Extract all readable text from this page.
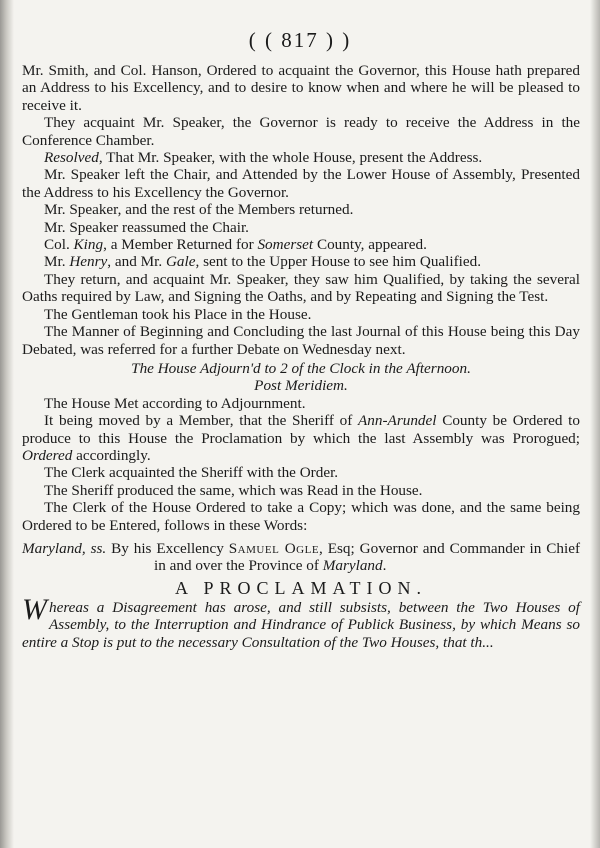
( ( 817 ) )

Mr. Smith, and Col. Hanson, Ordered to acquaint the Governor, this House hath prepared an Address to his Excellency, and to desire to know when and where he will be pleased to receive it.

They acquaint Mr. Speaker, the Governor is ready to receive the Address in the Conference Chamber.

Resolved, That Mr. Speaker, with the whole House, present the Address.

Mr. Speaker left the Chair, and Attended by the Lower House of Assembly, Presented the Address to his Excellency the Governor.

Mr. Speaker, and the rest of the Members returned.

Mr. Speaker reassumed the Chair.

Col. King, a Member Returned for Somerset County, appeared.

Mr. Henry, and Mr. Gale, sent to the Upper House to see him Qualified.

They return, and acquaint Mr. Speaker, they saw him Qualified, by taking the several Oaths required by Law, and Signing the Oaths, and by Repeating and Signing the Test.

The Gentleman took his Place in the House.

The Manner of Beginning and Concluding the last Journal of this House being this Day Debated, was referred for a further Debate on Wednesday next.

The House Adjourn'd to 2 of the Clock in the Afternoon.

Post Meridiem.

The House Met according to Adjournment.

It being moved by a Member, that the Sheriff of Ann-Arundel County be Ordered to produce to this House the Proclamation by which the last Assembly was Prorogued; Ordered accordingly.

The Clerk acquainted the Sheriff with the Order.

The Sheriff produced the same, which was Read in the House.

The Clerk of the House Ordered to take a Copy; which was done, and the same being Ordered to be Entered, follows in these Words:

Maryland, ss. By his Excellency Samuel Ogle, Esq; Governor and Commander in Chief in and over the Province of Maryland.

A PROCLAMATION.

Whereas a Disagreement has arose, and still subsists, between the Two Houses of Assembly, to the Interruption and Hindrance of Publick Business, by which Means so entire a Stop is put to the necessary Consultation of the Two Houses, that th...
